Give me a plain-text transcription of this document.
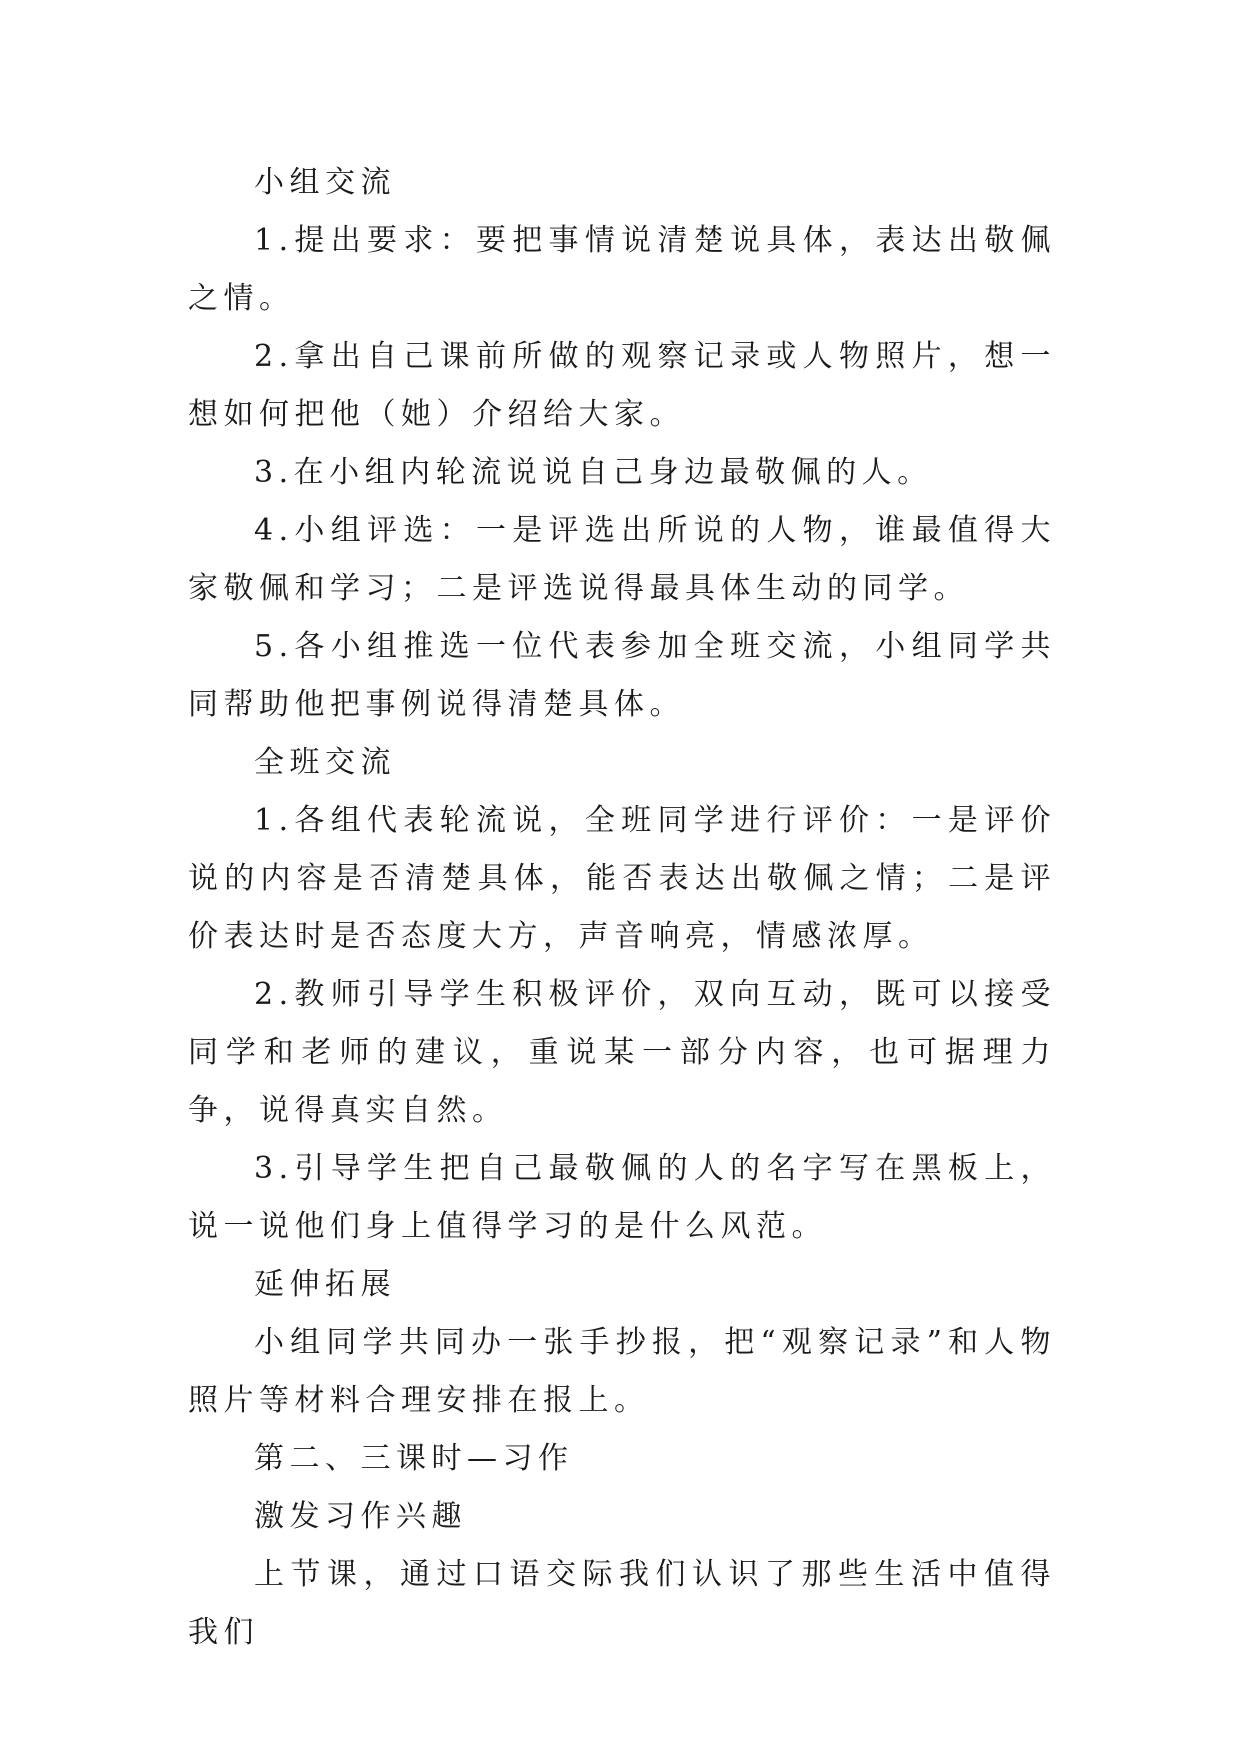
小组交流

1.提出要求：要把事情说清楚说具体，表达出敬佩之情。

2.拿出自己课前所做的观察记录或人物照片，想一想如何把他（她）介绍给大家。

3.在小组内轮流说说自己身边最敬佩的人。

4.小组评选：一是评选出所说的人物，谁最值得大家敬佩和学习；二是评选说得最具体生动的同学。

5.各小组推选一位代表参加全班交流，小组同学共同帮助他把事例说得清楚具体。

全班交流

1.各组代表轮流说，全班同学进行评价：一是评价说的内容是否清楚具体，能否表达出敬佩之情；二是评价表达时是否态度大方，声音响亮，情感浓厚。

2.教师引导学生积极评价，双向互动，既可以接受同学和老师的建议，重说某一部分内容，也可据理力争，说得真实自然。

3.引导学生把自己最敬佩的人的名字写在黑板上，说一说他们身上值得学习的是什么风范。

延伸拓展

小组同学共同办一张手抄报，把“观察记录”和人物照片等材料合理安排在报上。

第二、三课时—习作

激发习作兴趣

上节课，通过口语交际我们认识了那些生活中值得我们
